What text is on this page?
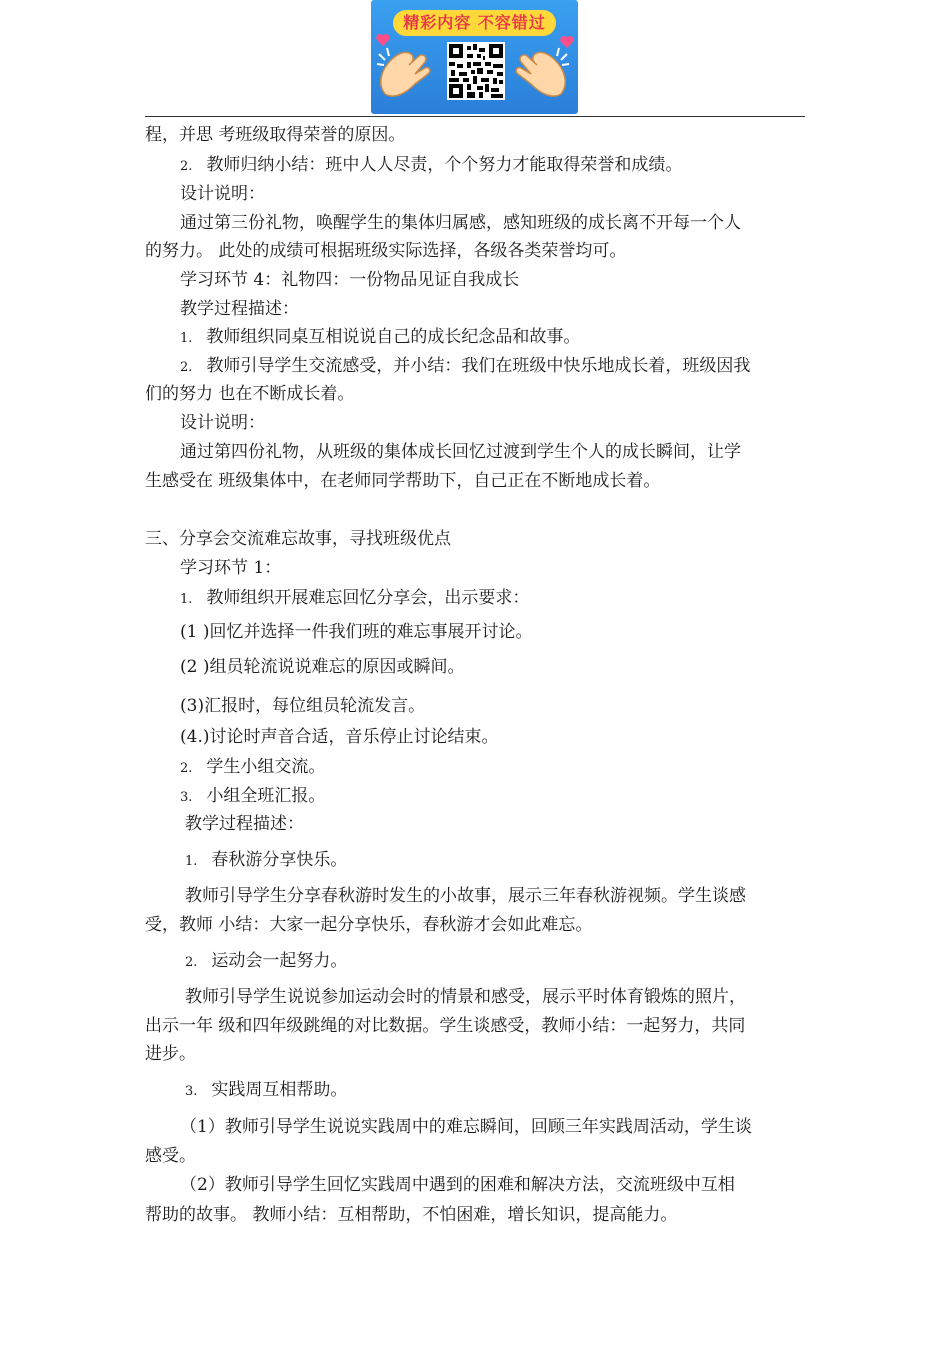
精彩内容 不容错过
程，并思 考班级取得荣誉的原因。
2. 教师归纳小结：班中人人尽责，个个努力才能取得荣誉和成绩。
设计说明：
通过第三份礼物，唤醒学生的集体归属感，感知班级的成长离不开每一个人
的努力。 此处的成绩可根据班级实际选择，各级各类荣誉均可。
学习环节 4：礼物四：一份物品见证自我成长
教学过程描述：
1. 教师组织同桌互相说说自己的成长纪念品和故事。
2. 教师引导学生交流感受，并小结：我们在班级中快乐地成长着，班级因我
们的努力 也在不断成长着。
设计说明：
通过第四份礼物，从班级的集体成长回忆过渡到学生个人的成长瞬间，让学
生感受在 班级集体中，在老师同学帮助下，自己正在不断地成长着。
三、分享会交流难忘故事，寻找班级优点
学习环节 1：
1. 教师组织开展难忘回忆分享会，出示要求：
(1 )回忆并选择一件我们班的难忘事展开讨论。
(2 )组员轮流说说难忘的原因或瞬间。
(3)汇报时，每位组员轮流发言。
(4.)讨论时声音合适，音乐停止讨论结束。
2. 学生小组交流。
3. 小组全班汇报。
教学过程描述：
1. 春秋游分享快乐。
教师引导学生分享春秋游时发生的小故事，展示三年春秋游视频。学生谈感
受，教师 小结：大家一起分享快乐，春秋游才会如此难忘。
2. 运动会一起努力。
教师引导学生说说参加运动会时的情景和感受，展示平时体育锻炼的照片，
出示一年 级和四年级跳绳的对比数据。学生谈感受，教师小结：一起努力，共同
进步。
3. 实践周互相帮助。
（1）教师引导学生说说实践周中的难忘瞬间，回顾三年实践周活动，学生谈
感受。
（2）教师引导学生回忆实践周中遇到的困难和解决方法，交流班级中互相
帮助的故事。 教师小结：互相帮助，不怕困难，增长知识，提高能力。
